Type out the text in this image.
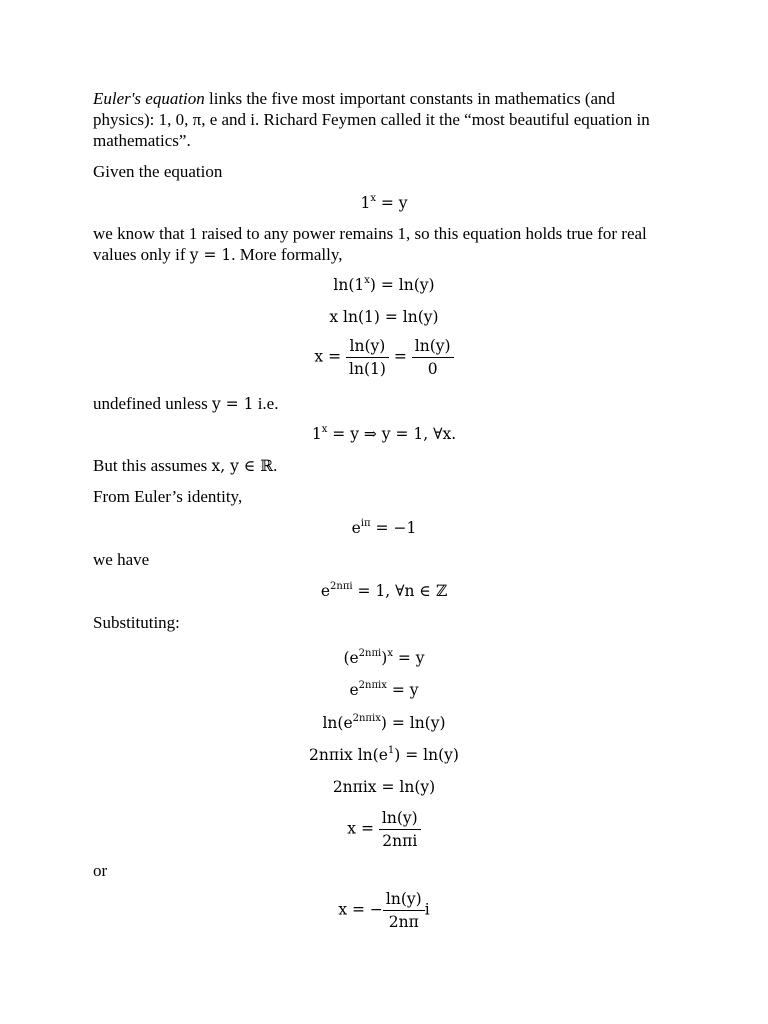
Euler's equation links the five most important constants in mathematics (and physics): 1, 0, π, e and i. Richard Feymen called it the “most beautiful equation in mathematics”.
Given the equation
$1^x = y$
we know that 1 raised to any power remains 1, so this equation holds true for real values only if y = 1. More formally,
$\ln(1^x) = \ln(y)$
x ln(1) = ln(y)
$x = \frac{\ln(y)}{\ln(1)} = \frac{\ln(y)}{0}$
undefined unless y = 1 i.e.
$1^x = y$ ⇒ y = 1, ∀x.
But this assumes x, y ∈ ℝ.
From Euler’s identity,
$e^{i\pi} = -1$
we have
$e^{2n\pi i} = 1$, ∀n ∈ ℤ
Substituting:
$(e^{2n\pi i})^x = y$
$e^{2n\pi ix} = y$
$\ln(e^{2n\pi ix}) = \ln(y)$
2nπix $\ln(e^1) = \ln(y)$
2nπix = ln(y)
$x = \frac{\ln(y)}{\text{2nπi}}$
or
x = − $\frac{\ln(y)}{2n\pi}$ i
